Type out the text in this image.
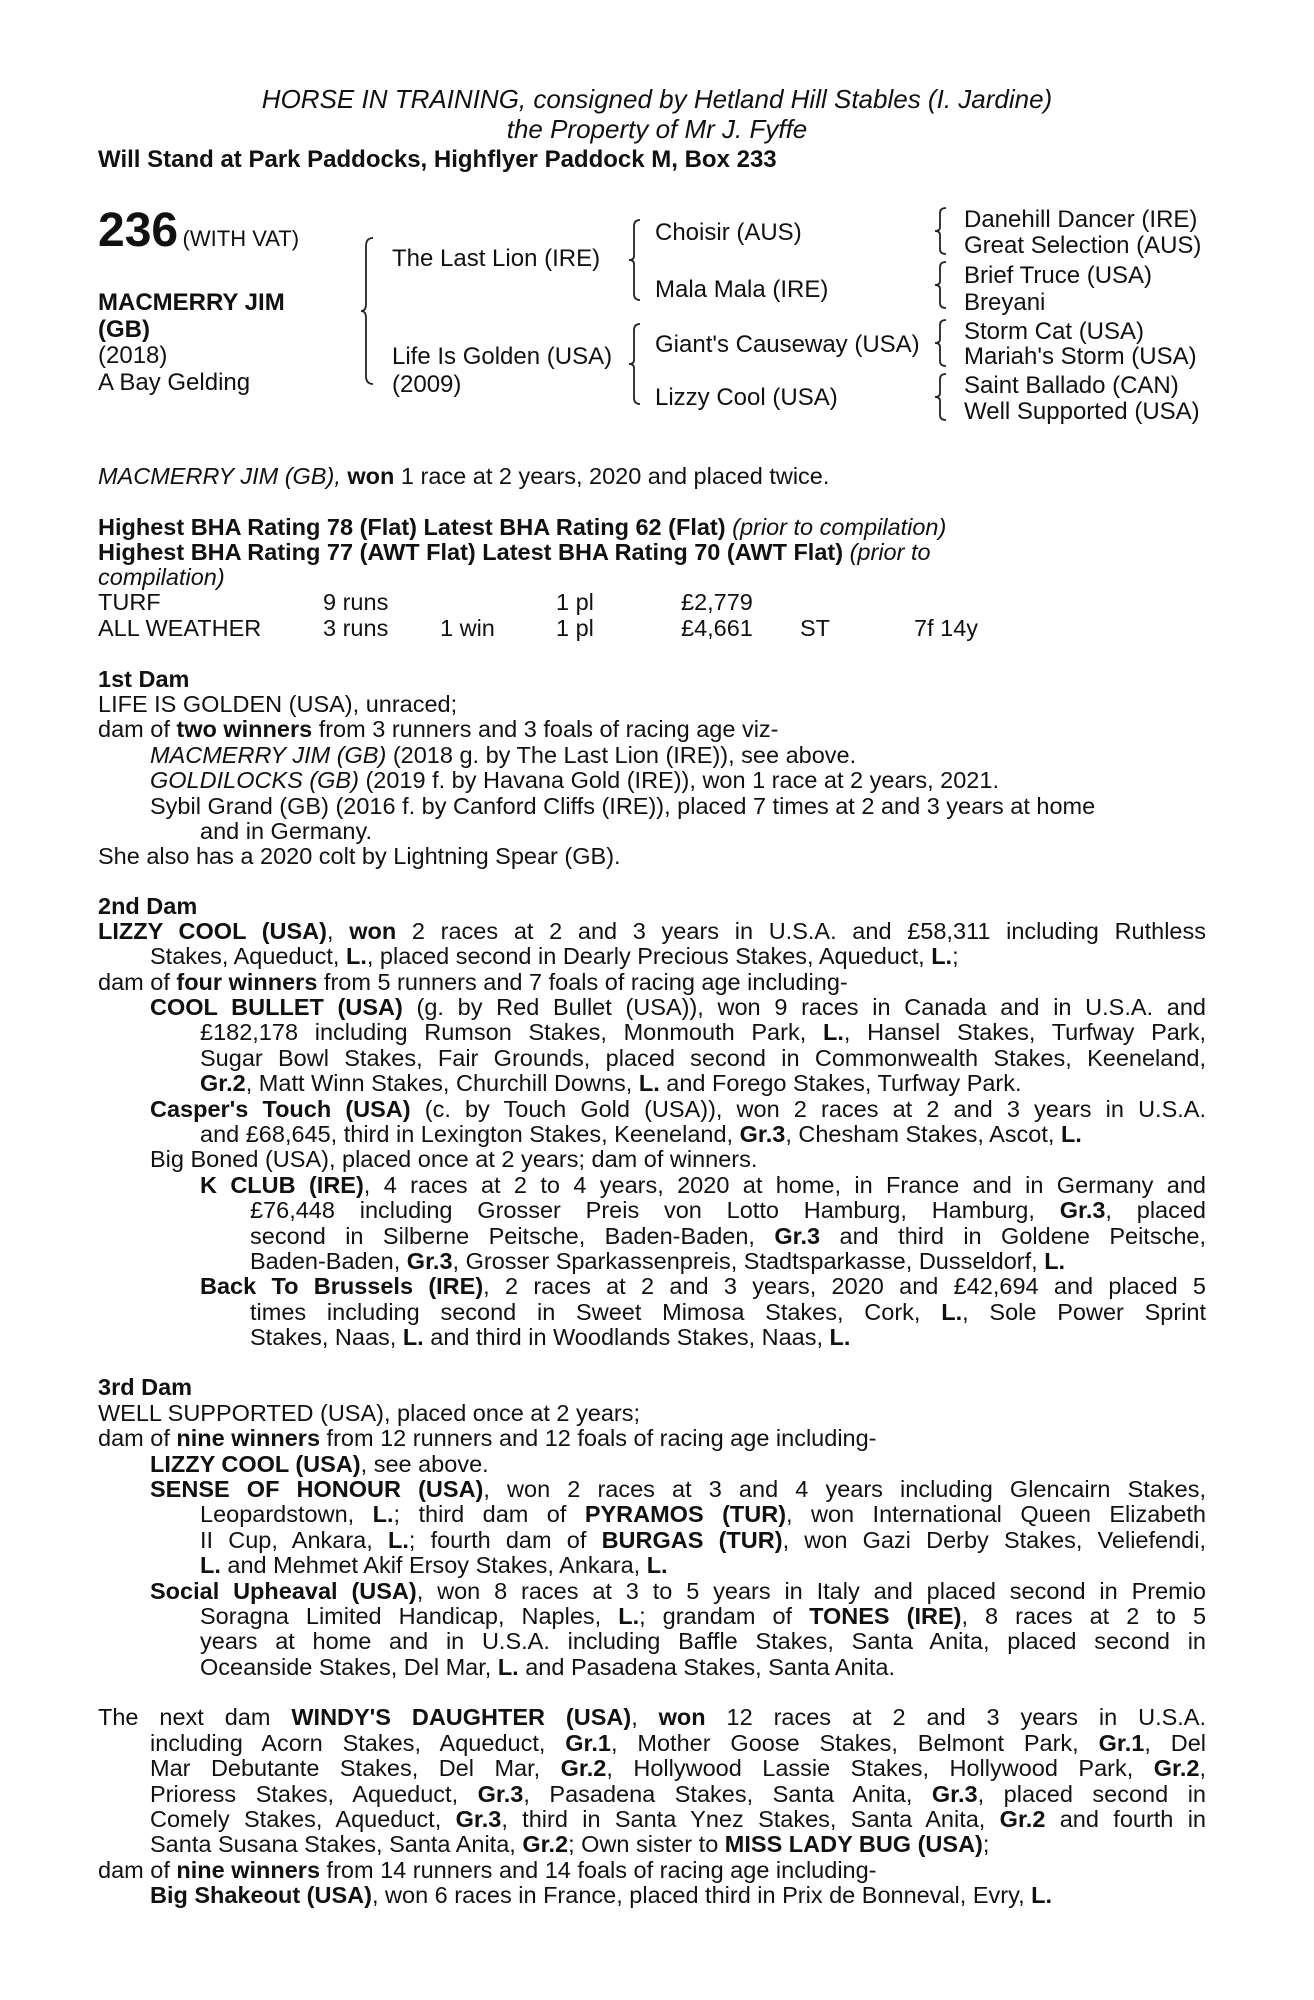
HORSE IN TRAINING, consigned by Hetland Hill Stables (I. Jardine)
the Property of Mr J. Fyffe
Will Stand at Park Paddocks, Highflyer Paddock M, Box 233
236 (WITH VAT)
MACMERRY JIM
(GB)
(2018)
A Bay Gelding
The Last Lion (IRE)
Life Is Golden (USA)
(2009)
Choisir (AUS)
Mala Mala (IRE)
Giant's Causeway (USA)
Lizzy Cool (USA)
Danehill Dancer (IRE)
Great Selection (AUS)
Brief Truce (USA)
Breyani
Storm Cat (USA)
Mariah's Storm (USA)
Saint Ballado (CAN)
Well Supported (USA)
MACMERRY JIM (GB), won 1 race at 2 years, 2020 and placed twice.
Highest BHA Rating 78 (Flat) Latest BHA Rating 62 (Flat) (prior to compilation)
Highest BHA Rating 77 (AWT Flat) Latest BHA Rating 70 (AWT Flat) (prior to
compilation)
TURF	9 runs	1 pl	£2,779
ALL WEATHER	3 runs 1 win	1 pl	£4,661 ST	7f 14y
1st Dam
LIFE IS GOLDEN (USA), unraced;
dam of two winners from 3 runners and 3 foals of racing age viz-
MACMERRY JIM (GB) (2018 g. by The Last Lion (IRE)), see above.
GOLDILOCKS (GB) (2019 f. by Havana Gold (IRE)), won 1 race at 2 years, 2021.
Sybil Grand (GB) (2016 f. by Canford Cliffs (IRE)), placed 7 times at 2 and 3 years at home
and in Germany.
She also has a 2020 colt by Lightning Spear (GB).
2nd Dam
LIZZY COOL (USA), won 2 races at 2 and 3 years in U.S.A. and £58,311 including Ruthless
Stakes, Aqueduct, L., placed second in Dearly Precious Stakes, Aqueduct, L.;
dam of four winners from 5 runners and 7 foals of racing age including-
COOL BULLET (USA) (g. by Red Bullet (USA)), won 9 races in Canada and in U.S.A. and
£182,178 including Rumson Stakes, Monmouth Park, L., Hansel Stakes, Turfway Park,
Sugar Bowl Stakes, Fair Grounds, placed second in Commonwealth Stakes, Keeneland,
Gr.2, Matt Winn Stakes, Churchill Downs, L. and Forego Stakes, Turfway Park.
Casper's Touch (USA) (c. by Touch Gold (USA)), won 2 races at 2 and 3 years in U.S.A.
and £68,645, third in Lexington Stakes, Keeneland, Gr.3, Chesham Stakes, Ascot, L.
Big Boned (USA), placed once at 2 years; dam of winners.
K CLUB (IRE), 4 races at 2 to 4 years, 2020 at home, in France and in Germany and
£76,448 including Grosser Preis von Lotto Hamburg, Hamburg, Gr.3, placed
second in Silberne Peitsche, Baden-Baden, Gr.3 and third in Goldene Peitsche,
Baden-Baden, Gr.3, Grosser Sparkassenpreis, Stadtsparkasse, Dusseldorf, L.
Back To Brussels (IRE), 2 races at 2 and 3 years, 2020 and £42,694 and placed 5
times including second in Sweet Mimosa Stakes, Cork, L., Sole Power Sprint
Stakes, Naas, L. and third in Woodlands Stakes, Naas, L.
3rd Dam
WELL SUPPORTED (USA), placed once at 2 years;
dam of nine winners from 12 runners and 12 foals of racing age including-
LIZZY COOL (USA), see above.
SENSE OF HONOUR (USA), won 2 races at 3 and 4 years including Glencairn Stakes,
Leopardstown, L.; third dam of PYRAMOS (TUR), won International Queen Elizabeth
II Cup, Ankara, L.; fourth dam of BURGAS (TUR), won Gazi Derby Stakes, Veliefendi,
L. and Mehmet Akif Ersoy Stakes, Ankara, L.
Social Upheaval (USA), won 8 races at 3 to 5 years in Italy and placed second in Premio
Soragna Limited Handicap, Naples, L.; grandam of TONES (IRE), 8 races at 2 to 5
years at home and in U.S.A. including Baffle Stakes, Santa Anita, placed second in
Oceanside Stakes, Del Mar, L. and Pasadena Stakes, Santa Anita.
The next dam WINDY'S DAUGHTER (USA), won 12 races at 2 and 3 years in U.S.A.
including Acorn Stakes, Aqueduct, Gr.1, Mother Goose Stakes, Belmont Park, Gr.1, Del
Mar Debutante Stakes, Del Mar, Gr.2, Hollywood Lassie Stakes, Hollywood Park, Gr.2,
Prioress Stakes, Aqueduct, Gr.3, Pasadena Stakes, Santa Anita, Gr.3, placed second in
Comely Stakes, Aqueduct, Gr.3, third in Santa Ynez Stakes, Santa Anita, Gr.2 and fourth in
Santa Susana Stakes, Santa Anita, Gr.2; Own sister to MISS LADY BUG (USA);
dam of nine winners from 14 runners and 14 foals of racing age including-
Big Shakeout (USA), won 6 races in France, placed third in Prix de Bonneval, Evry, L.
